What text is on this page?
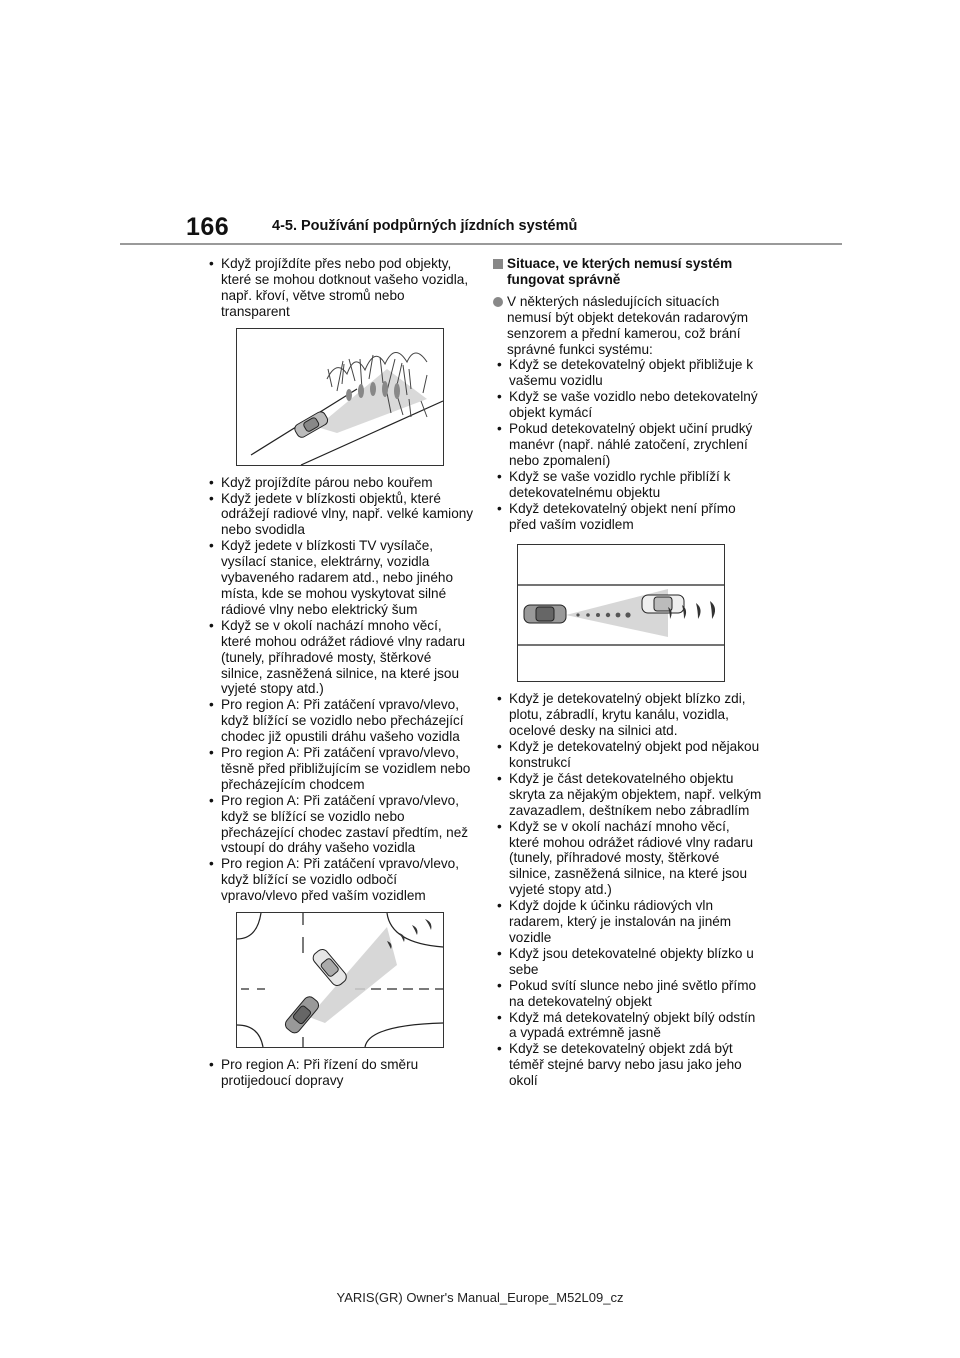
166	4-5. Používání podpůrných jízdních systémů
• Když projíždíte přes nebo pod objekty, které se mohou dotknout vašeho vozidla, např. křoví, větve stromů nebo transparent
• Když projíždíte párou nebo kouřem
• Když jedete v blízkosti objektů, které odrážejí radiové vlny, např. velké kamiony nebo svodidla
• Když jedete v blízkosti TV vysílače, vysílací stanice, elektrárny, vozidla vybaveného radarem atd., nebo jiného místa, kde se mohou vyskytovat silné rádiové vlny nebo elektrický šum
• Když se v okolí nachází mnoho věcí, které mohou odrážet rádiové vlny radaru (tunely, příhradové mosty, štěrkové silnice, zasněžená silnice, na které jsou vyjeté stopy atd.)
• Pro region A: Při zatáčení vpravo/vlevo, když blížící se vozidlo nebo přecházející chodec již opustili dráhu vašeho vozidla
• Pro region A: Při zatáčení vpravo/vlevo, těsně před přibližujícím se vozidlem nebo přecházejícím chodcem
• Pro region A: Při zatáčení vpravo/vlevo, když se blížící se vozidlo nebo přecházející chodec zastaví předtím, než vstoupí do dráhy vašeho vozidla
• Pro region A: Při zatáčení vpravo/vlevo, když blížící se vozidlo odbočí vpravo/vlevo před vaším vozidlem
• Pro region A: Při řízení do směru protijedoucí dopravy
Situace, ve kterých nemusí systém fungovat správně
V některých následujících situacích nemusí být objekt detekován radarovým senzorem a přední kamerou, což brání správné funkci systému:
• Když se detekovatelný objekt přibližuje k vašemu vozidlu
• Když se vaše vozidlo nebo detekovatelný objekt kymácí
• Pokud detekovatelný objekt učiní prudký manévr (např. náhlé zatočení, zrychlení nebo zpomalení)
• Když se vaše vozidlo rychle přiblíží k detekovatelnému objektu
• Když detekovatelný objekt není přímo před vaším vozidlem
• Když je detekovatelný objekt blízko zdi, plotu, zábradlí, krytu kanálu, vozidla, ocelové desky na silnici atd.
• Když je detekovatelný objekt pod nějakou konstrukcí
• Když je část detekovatelného objektu skryta za nějakým objektem, např. velkým zavazadlem, deštníkem nebo zábradlím
• Když se v okolí nachází mnoho věcí, které mohou odrážet rádiové vlny radaru (tunely, příhradové mosty, štěrkové silnice, zasněžená silnice, na které jsou vyjeté stopy atd.)
• Když dojde k účinku rádiových vln radarem, který je instalován na jiném vozidle
• Když jsou detekovatelné objekty blízko u sebe
• Pokud svítí slunce nebo jiné světlo přímo na detekovatelný objekt
• Když má detekovatelný objekt bílý odstín a vypadá extrémně jasně
• Když se detekovatelný objekt zdá být téměř stejné barvy nebo jasu jako jeho okolí
YARIS(GR) Owner's Manual_Europe_M52L09_cz
